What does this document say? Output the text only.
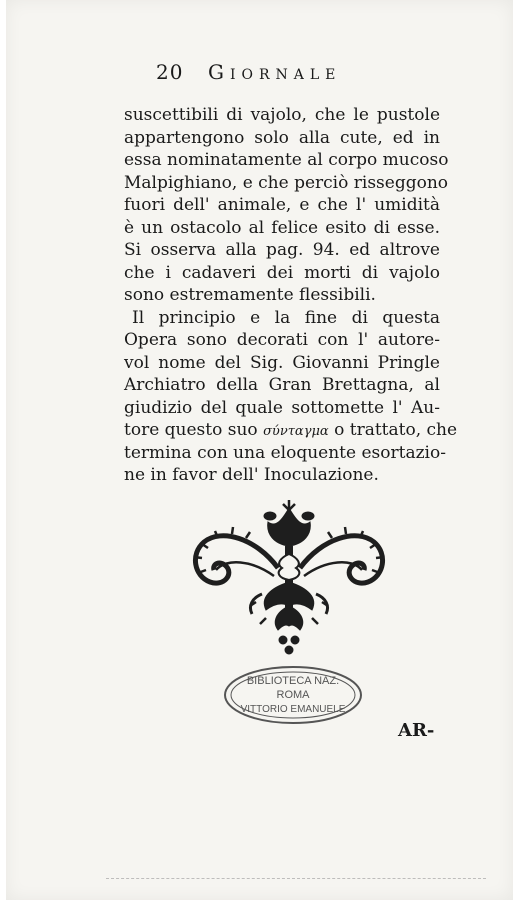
20 Giornale
suscettibili di vajolo, che le pustole
appartengono solo alla cute, ed in
essa nominatamente al corpo mucoso
Malpighiano, e che perciò risseggono
fuori dell' animale, e che l' umidità
è un ostacolo al felice esito di esse.
Si osserva alla pag. 94. ed altrove
che i cadaveri dei morti di vajolo
sono estremamente flessibili.
Il principio e la fine di questa
Opera sono decorati con l' autore-
vol nome del Sig. Giovanni Pringle
Archiatro della Gran Brettagna, al
giudizio del quale sottomette l' Au-
tore questo suo σύνταγμα o trattato, che
termina con una eloquente esortazio-
ne in favor dell' Inoculazione.
BIBLIOTECA NAZ.
ROMA
VITTORIO EMANUELE
AR-
